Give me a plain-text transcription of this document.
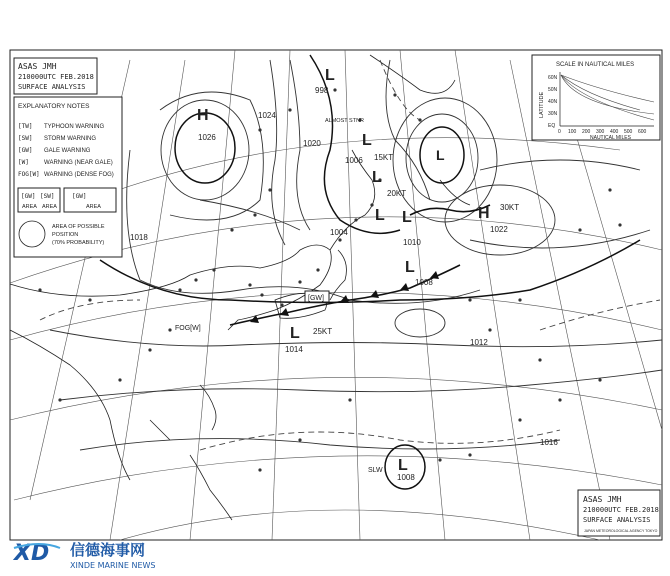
998
1024
1020
1006
1004
1010
1008
1022
1014
1008
1026
1018
1012
1016
L
L
L
L L
L
L
L
H
H
L
25KT
20KT
15KT
30KT
[GW]
FOG[W]
SLW
ALMOST STNR
ASAS JMH
210000UTC FEB.2018
SURFACE ANALYSIS
EXPLANATORY NOTES
[TW] TYPHOON WARNING
[SW] STORM WARNING
[GW] GALE WARNING
[W]	WARNING (NEAR GALE)
FOG[W] WARNING (DENSE FOG)
[GW] [SW]
AREA AREA
[GW]
AREA
AREA OF POSSIBLE
POSITION
(70% PROBABILITY)
SCALE IN NAUTICAL MILES
LATITUDE
60N
50N
40N
30N
EQ
0 100 200 300 400 500 600
NAUTICAL MILES
ASAS JMH
210000UTC FEB.2018
SURFACE ANALYSIS
JAPAN METEOROLOGICAL AGENCY TOKYO
XD 信德海事网
XINDE MARINE NEWS
